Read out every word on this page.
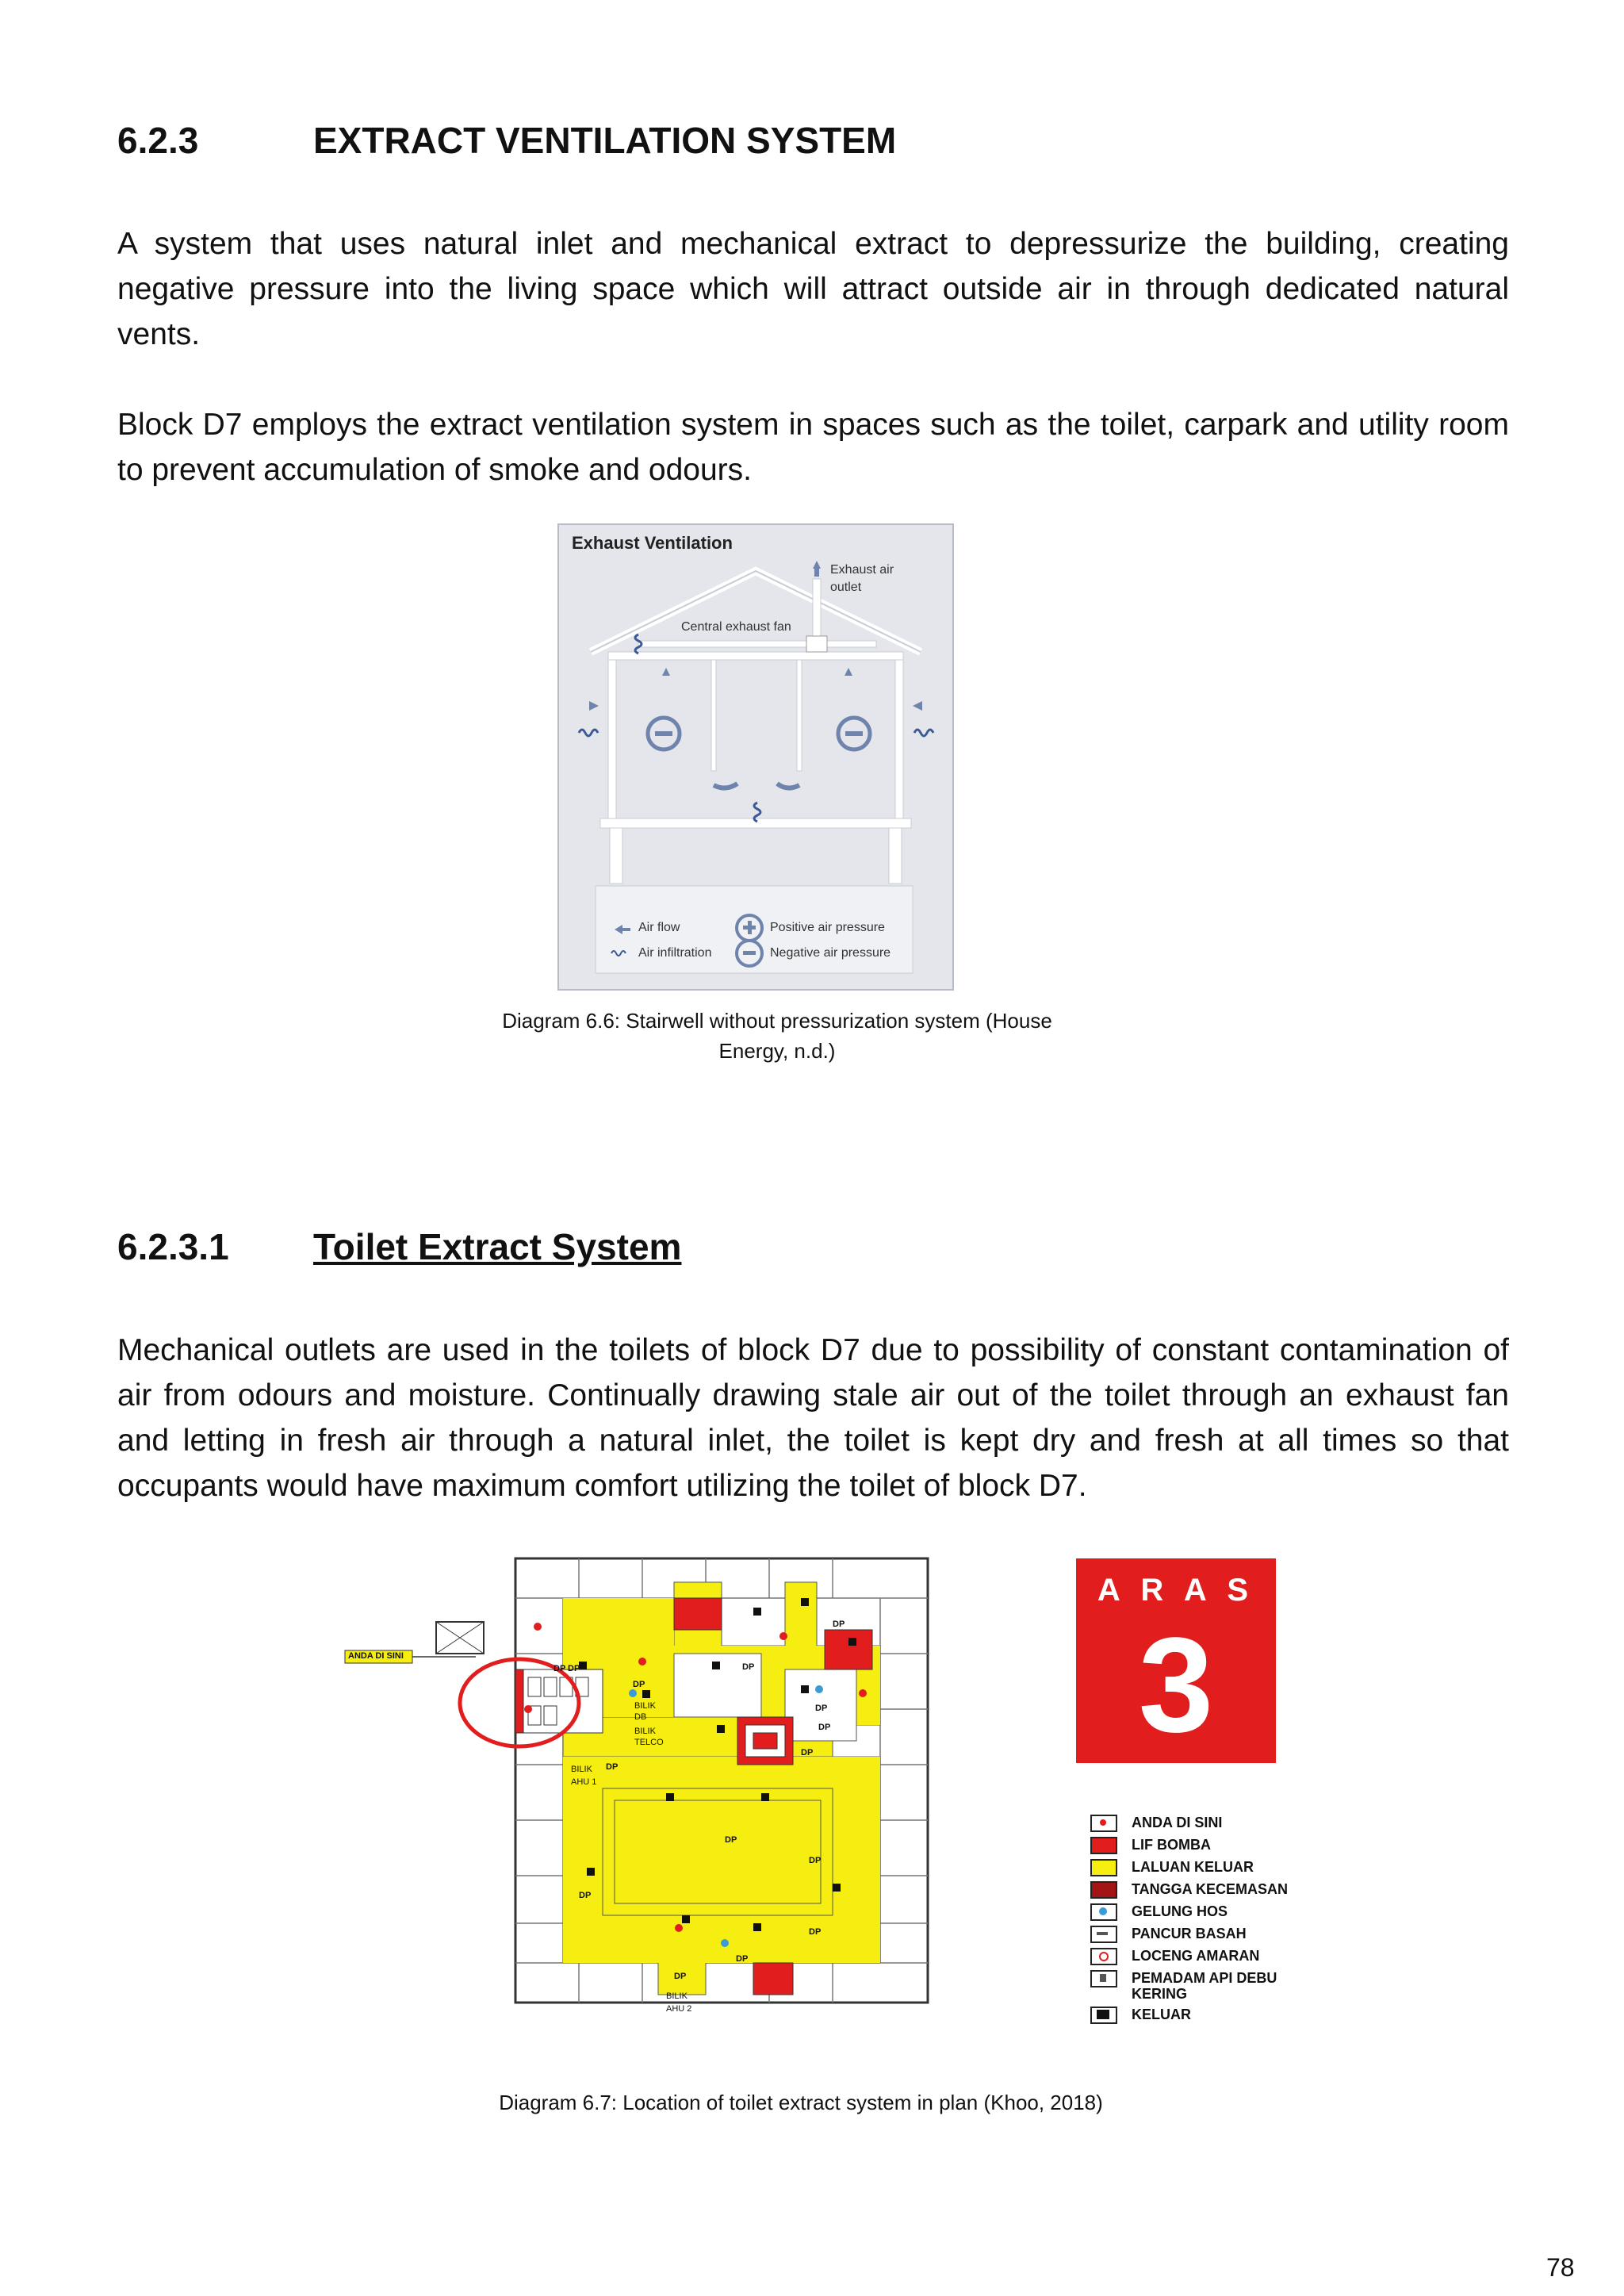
6.2.3	EXTRACT VENTILATION SYSTEM

A system that uses natural inlet and mechanical extract to depressurize the building, creating negative pressure into the living space which will attract outside air in through dedicated natural vents.

Block D7 employs the extract ventilation system in spaces such as the toilet, carpark and utility room to prevent accumulation of smoke and odours.

Exhaust Ventilation
Exhaust air
outlet
Central exhaust fan
Air flow
Air infiltration
Positive air pressure
Negative air pressure
Diagram 6.6: Stairwell without pressurization system (House
Energy, n.d.)
6.2.3.1 Toilet Extract System

Mechanical outlets are used in the toilets of block D7 due to possibility of constant contamination of air from odours and moisture. Continually drawing stale air out of the toilet through an exhaust fan and letting in fresh air through a natural inlet, the toilet is kept dry and fresh at all times so that occupants would have maximum comfort utilizing the toilet of block D7.

DP DP
DP
DP
DP
DP
DP
DP
DP
DP
DP
DP
DP
DP
DP
ANDA DI SINI
BILIK
DB
BILIK
TELCO
BILIK
AHU 1
BILIK
AHU 2
A R A S
3
ANDA DI SINI
LIF BOMBA
LALUAN KELUAR
TANGGA KECEMASAN
GELUNG HOS
PANCUR BASAH
LOCENG AMARAN
PEMADAM API DEBU
KERING
KELUAR
Diagram 6.7: Location of toilet extract system in plan (Khoo, 2018)
78
